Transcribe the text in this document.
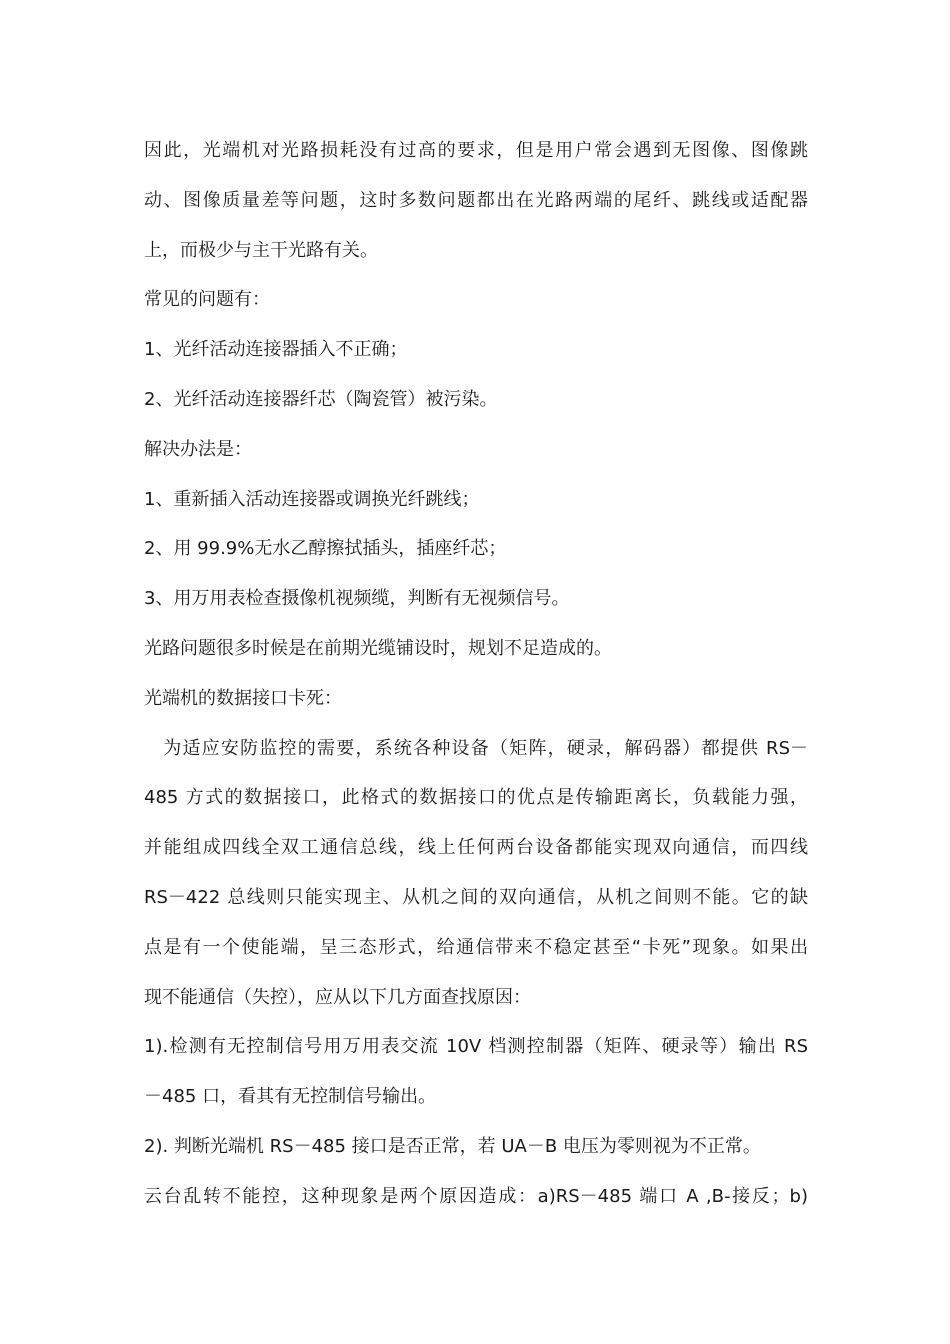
因此，光端机对光路损耗没有过高的要求，但是用户常会遇到无图像、图像跳
动、图像质量差等问题，这时多数问题都出在光路两端的尾纤、跳线或适配器
上，而极少与主干光路有关。
常见的问题有：
1、光纤活动连接器插入不正确；
2、光纤活动连接器纤芯（陶瓷管）被污染。
解决办法是：
1、重新插入活动连接器或调换光纤跳线；
2、用 99.9%无水乙醇擦拭插头，插座纤芯；
3、用万用表检查摄像机视频缆，判断有无视频信号。
光路问题很多时候是在前期光缆铺设时，规划不足造成的。
光端机的数据接口卡死：
　为适应安防监控的需要，系统各种设备（矩阵，硬录，解码器）都提供 RS－
485 方式的数据接口，此格式的数据接口的优点是传输距离长，负载能力强，
并能组成四线全双工通信总线，线上任何两台设备都能实现双向通信，而四线
RS－422 总线则只能实现主、从机之间的双向通信，从机之间则不能。它的缺
点是有一个使能端，呈三态形式，给通信带来不稳定甚至“卡死”现象。如果出
现不能通信（失控），应从以下几方面查找原因：
1).检测有无控制信号用万用表交流 10V 档测控制器（矩阵、硬录等）输出 RS
－485 口，看其有无控制信号输出。
2). 判断光端机 RS－485 接口是否正常，若 UA－B 电压为零则视为不正常。
云台乱转不能控，这种现象是两个原因造成：a)RS－485 端口 A ,B-接反；b)
